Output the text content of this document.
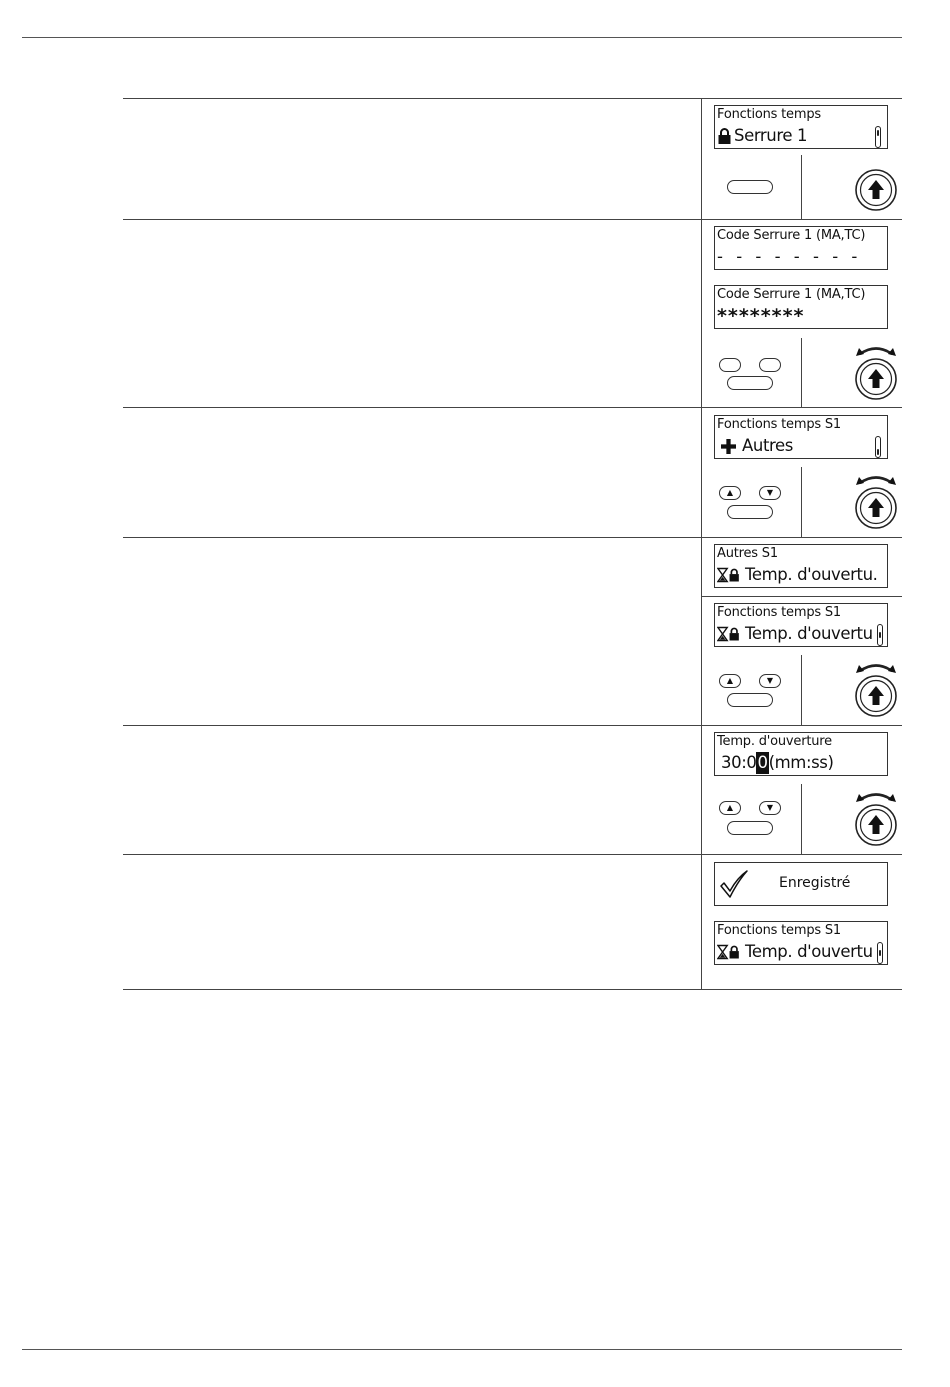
Fonctions temps
Serrure 1
Code Serrure 1 (MA,TC)
- - - - - - - -
Code Serrure 1 (MA,TC)
********
Fonctions temps S1
Autres
▲	▼
Autres S1
Temp. d'ouvertu.
Fonctions temps S1
Temp. d'ouvertu
▲	▼
Temp. d'ouverture
30:0 0 (mm:ss)
▲	▼
Enregistré
Fonctions temps S1
Temp. d'ouvertu
